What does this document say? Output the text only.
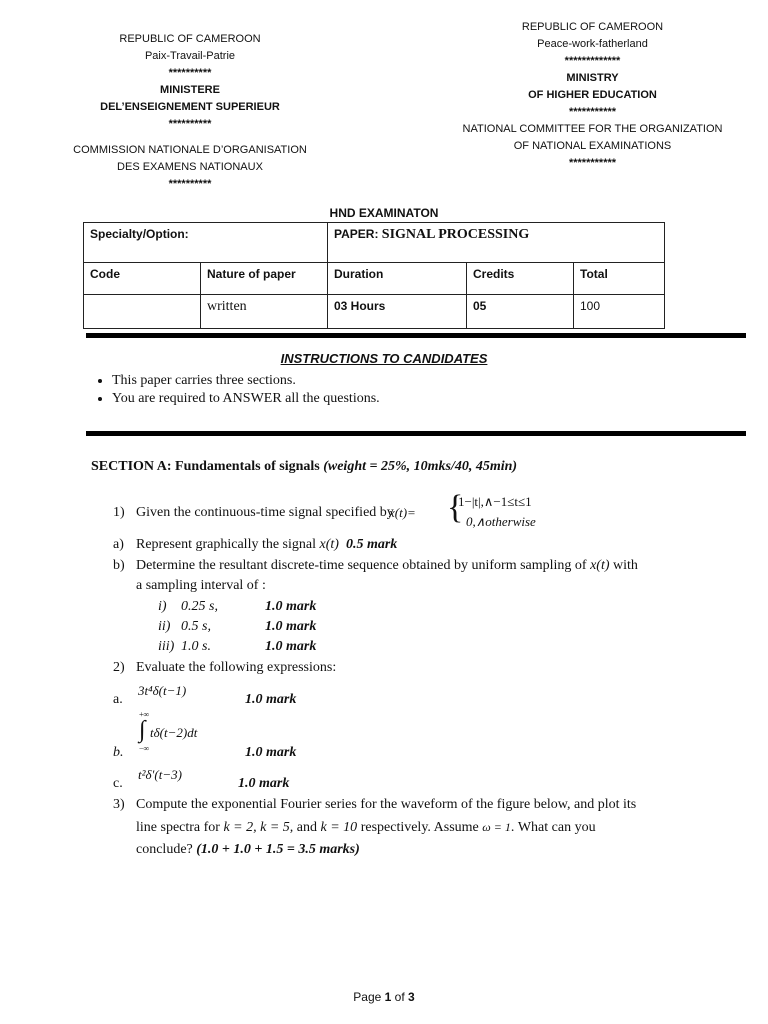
REPUBLIC OF CAMEROON
Paix-Travail-Patrie
**********
MINISTERE
DEL’ENSEIGNEMENT SUPERIEUR
**********
COMMISSION NATIONALE D’ORGANISATION
DES EXAMENS NATIONAUX
**********
REPUBLIC OF CAMEROON
Peace-work-fatherland
*************
MINISTRY
OF HIGHER EDUCATION
***********
NATIONAL COMMITTEE FOR THE ORGANIZATION
OF NATIONAL EXAMINATIONS
***********
HND EXAMINATON
Specialty/Option:		PAPER: SIGNAL PROCESSING		
Code	Nature of paper	Duration	Credits	Total
	written	03 Hours	05	100
INSTRUCTIONS TO CANDIDATES
• This paper carries three sections.
• You are required to ANSWER all the questions.
SECTION A: Fundamentals of signals (weight = 25%, 10mks/40, 45min)
1) Given the continuous-time signal specified by
x(t)= {
1−|t|,∧−1≤t≤1
0,∧otherwise
a) Represent graphically the signal x(t) 0.5 mark
b) Determine the resultant discrete-time sequence obtained by uniform sampling of x(t) with
a sampling interval of :
i) 0.25 s,	1.0 mark
ii) 0.5 s,	1.0 mark
iii) 1.0 s.	1.0 mark
2) Evaluate the following expressions:
a.
3t⁴δ(t−1)
1.0 mark
+∞
∫
−∞
tδ(t−2)dt
b.	1.0 mark
c.
t²δ′(t−3)
1.0 mark
3) Compute the exponential Fourier series for the waveform of the figure below, and plot its
line spectra for k = 2, k = 5, and k = 10 respectively. Assume ω = 1. What can you
conclude? (1.0 + 1.0 + 1.5 = 3.5 marks)
Page 1 of 3
